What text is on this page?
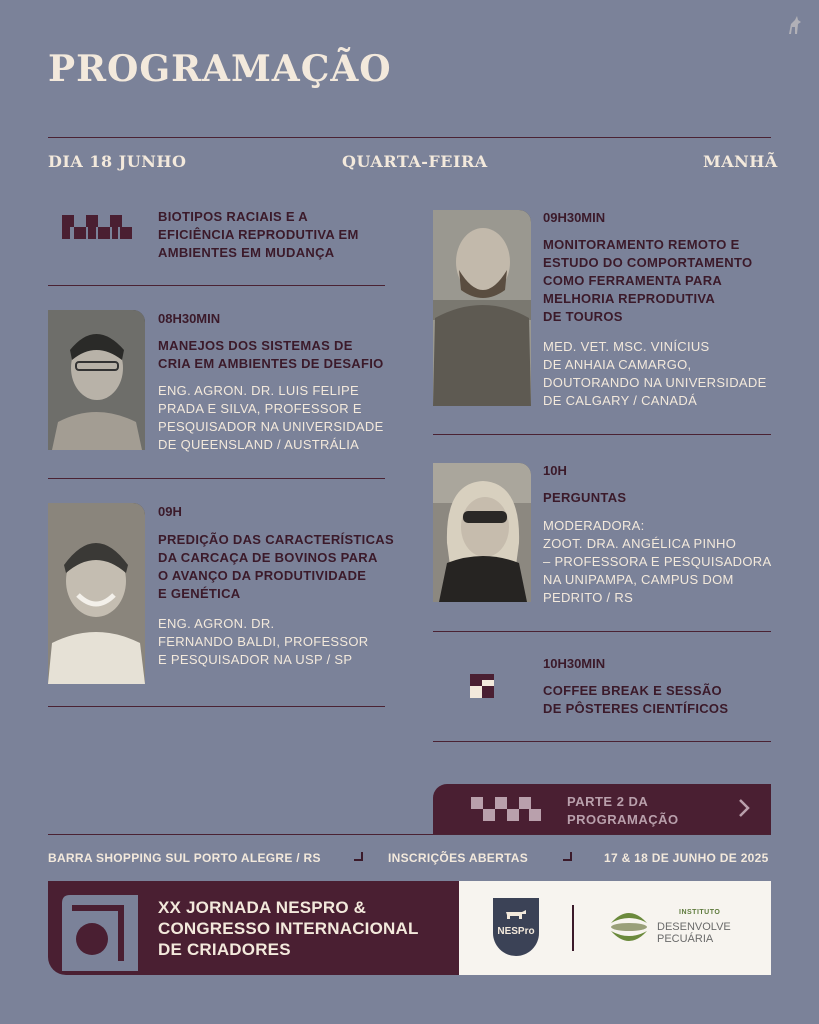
PROGRAMAÇÃO
DIA 18 JUNHO	QUARTA-FEIRA	MANHÃ
BIOTIPOS RACIAIS E A
EFICIÊNCIA REPRODUTIVA EM
AMBIENTES EM MUDANÇA
08H30MIN
MANEJOS DOS SISTEMAS DE
CRIA EM AMBIENTES DE DESAFIO
ENG. AGRON. DR. LUIS FELIPE
PRADA E SILVA, PROFESSOR E
PESQUISADOR NA UNIVERSIDADE
DE QUEENSLAND / AUSTRÁLIA
09H
PREDIÇÃO DAS CARACTERÍSTICAS
DA CARCAÇA DE BOVINOS PARA
O AVANÇO DA PRODUTIVIDADE
E GENÉTICA
ENG. AGRON. DR.
FERNANDO BALDI, PROFESSOR
E PESQUISADOR NA USP / SP
09H30MIN
MONITORAMENTO REMOTO E
ESTUDO DO COMPORTAMENTO
COMO FERRAMENTA PARA
MELHORIA REPRODUTIVA
DE TOUROS
MED. VET. MSC. VINÍCIUS
DE ANHAIA CAMARGO,
DOUTORANDO NA UNIVERSIDADE
DE CALGARY / CANADÁ
10H
PERGUNTAS
MODERADORA:
ZOOT. DRA. ANGÉLICA PINHO
– PROFESSORA E PESQUISADORA
NA UNIPAMPA, CAMPUS DOM
PEDRITO / RS
10H30MIN
COFFEE BREAK E SESSÃO
DE PÔSTERES CIENTÍFICOS
PARTE 2 DA
PROGRAMAÇÃO
BARRA SHOPPING SUL PORTO ALEGRE / RS	INSCRIÇÕES ABERTAS	17 & 18 DE JUNHO DE 2025
XX JORNADA NESPRO &
CONGRESSO INTERNACIONAL
DE CRIADORES
NESPro
INSTITUTO
DESENVOLVE
PECUÁRIA
